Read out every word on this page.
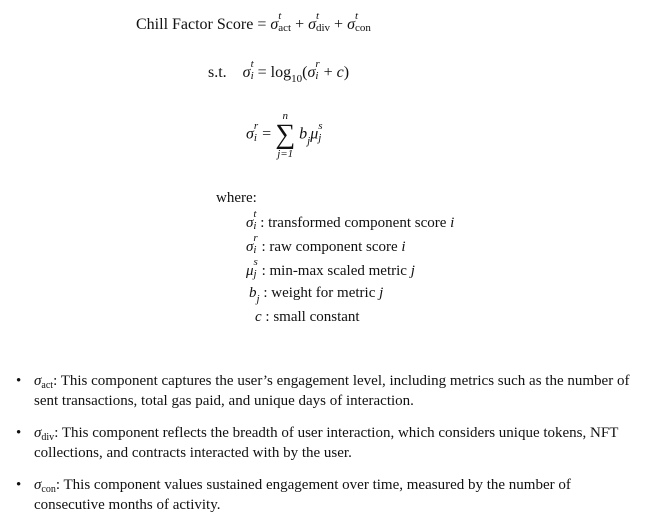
Chill Factor Score = σ
t
act + σ
t
div + σ
t
con
s.t. σ
t
$i = \log_{10}(\sigma$
r
i + c)
σ
r
i =
n
∑
j=1
$b_j\mu$
s
j
where:
σ
t
i : transformed component score i
σ
r
i : raw component score i
μ
s
j : min-max scaled metric j
$b_j$ : weight for metric j
c : small constant
• $\sigma_{act}$: This component captures the user’s engagement level, including metrics such as the number of sent transactions, total gas paid, and unique days of interaction.
• $\sigma_{div}$: This component reflects the breadth of user interaction, which considers unique tokens, NFT collections, and contracts interacted with by the user.
• $\sigma_{con}$: This component values sustained engagement over time, measured by the number of consecutive months of activity.
